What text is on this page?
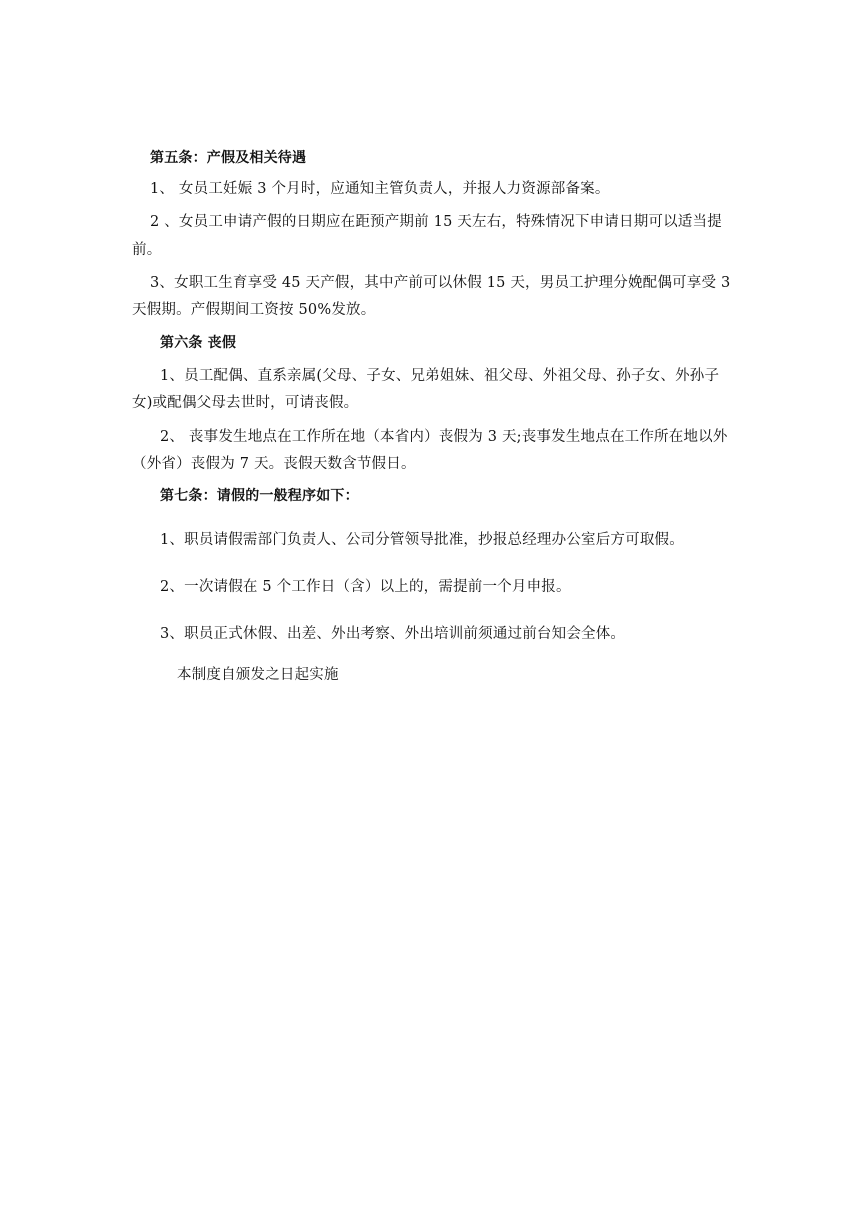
第五条：产假及相关待遇
1、 女员工妊娠 3 个月时，应通知主管负责人，并报人力资源部备案。
2 、女员工申请产假的日期应在距预产期前 15 天左右，特殊情况下申请日期可以适当提
前。
3、女职工生育享受 45 天产假，其中产前可以休假 15 天，男员工护理分娩配偶可享受 3
天假期。产假期间工资按 50%发放。
第六条 丧假
1、员工配偶、直系亲属(父母、子女、兄弟姐妹、祖父母、外祖父母、孙子女、外孙子
女)或配偶父母去世时，可请丧假。
2、 丧事发生地点在工作所在地（本省内）丧假为 3 天;丧事发生地点在工作所在地以外
（外省）丧假为 7 天。丧假天数含节假日。
第七条：请假的一般程序如下：
1、职员请假需部门负责人、公司分管领导批准，抄报总经理办公室后方可取假。
2、一次请假在 5 个工作日（含）以上的，需提前一个月申报。
3、职员正式休假、出差、外出考察、外出培训前须通过前台知会全体。
本制度自颁发之日起实施
